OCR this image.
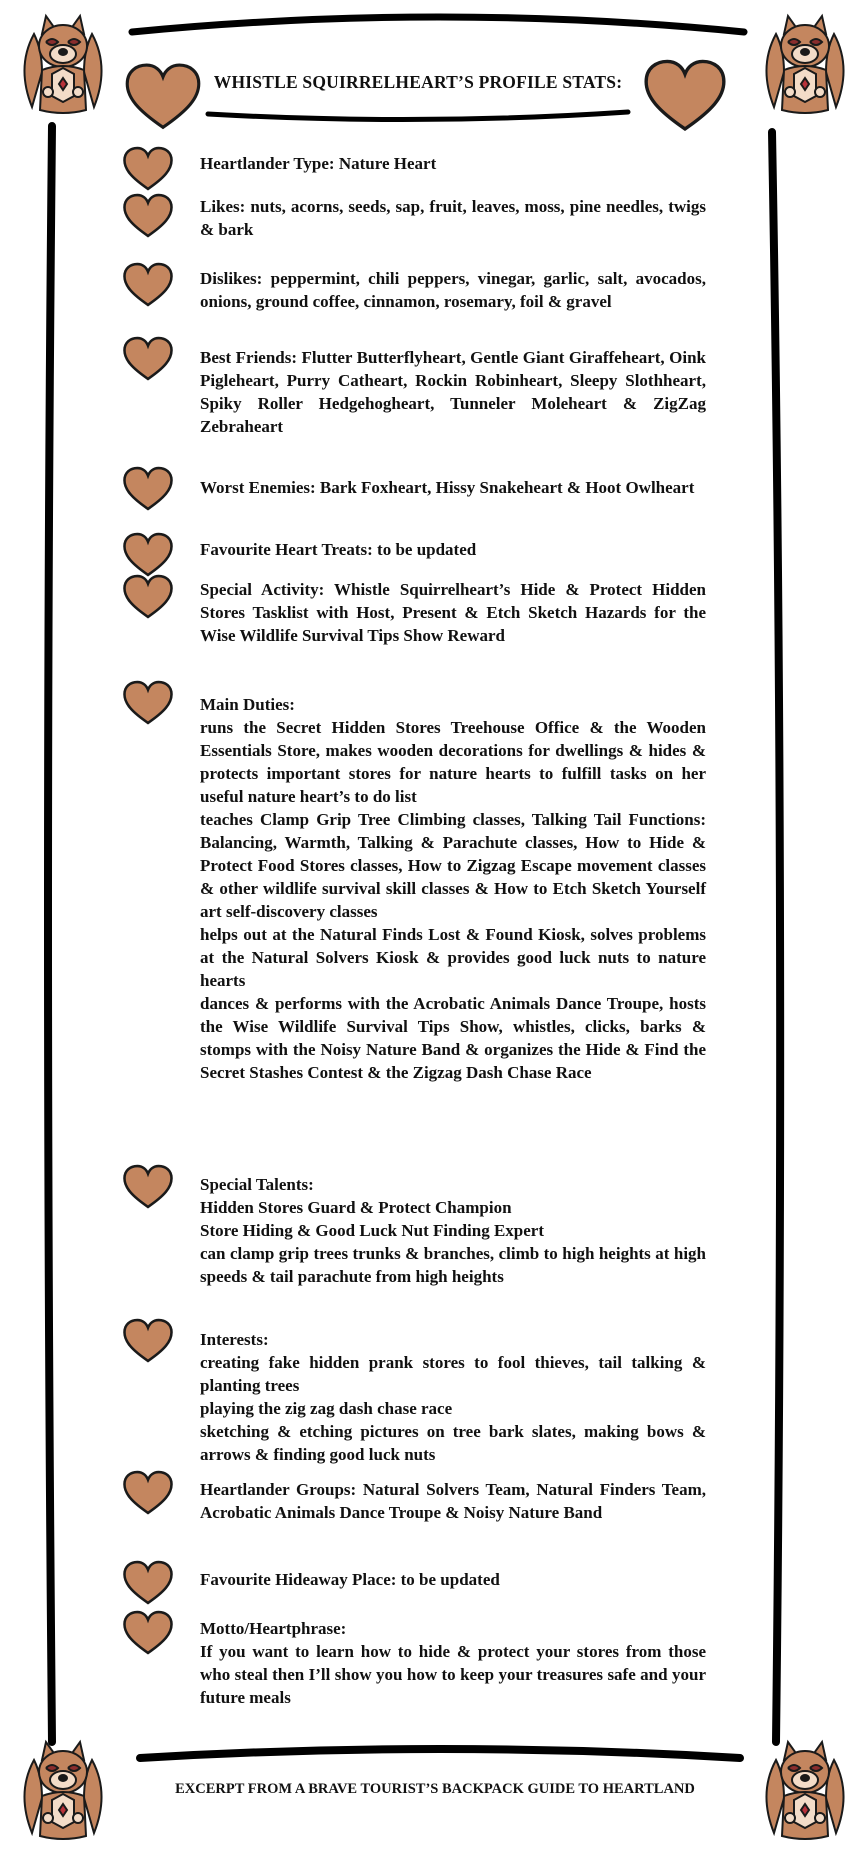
WHISTLE SQUIRRELHEART’S PROFILE STATS:
Heartlander Type: Nature Heart
Likes: nuts, acorns, seeds, sap, fruit, leaves, moss, pine needles, twigs & bark
Dislikes: peppermint, chili peppers, vinegar, garlic, salt, avocados, onions, ground coffee, cinnamon, rosemary, foil & gravel
Best Friends: Flutter Butterflyheart, Gentle Giant Giraffeheart, Oink Pigleheart, Purry Catheart, Rockin Robinheart, Sleepy Slothheart, Spiky Roller Hedgehogheart, Tunneler Moleheart & ZigZag Zebraheart
Worst Enemies: Bark Foxheart, Hissy Snakeheart & Hoot Owlheart
Favourite Heart Treats: to be updated
Special Activity: Whistle Squirrelheart’s Hide & Protect Hidden Stores Tasklist with Host, Present & Etch Sketch Hazards for the Wise Wildlife Survival Tips Show Reward
Main Duties:
runs the Secret Hidden Stores Treehouse Office & the Wooden Essentials Store, makes wooden decorations for dwellings & hides & protects important stores for nature hearts to fulfill tasks on her useful nature heart’s to do list
teaches Clamp Grip Tree Climbing classes, Talking Tail Functions: Balancing, Warmth, Talking & Parachute classes, How to Hide & Protect Food Stores classes, How to Zigzag Escape movement classes & other wildlife survival skill classes & How to Etch Sketch Yourself art self-discovery classes
helps out at the Natural Finds Lost & Found Kiosk, solves problems at the Natural Solvers Kiosk & provides good luck nuts to nature hearts
dances & performs with the Acrobatic Animals Dance Troupe, hosts the Wise Wildlife Survival Tips Show, whistles, clicks, barks & stomps with the Noisy Nature Band & organizes the Hide & Find the Secret Stashes Contest & the Zigzag Dash Chase Race
Special Talents:
Hidden Stores Guard & Protect Champion
Store Hiding & Good Luck Nut Finding Expert
can clamp grip trees trunks & branches, climb to high heights at high speeds & tail parachute from high heights
Interests:
creating fake hidden prank stores to fool thieves, tail talking & planting trees
playing the zig zag dash chase race
sketching & etching pictures on tree bark slates, making bows & arrows & finding good luck nuts
Heartlander Groups: Natural Solvers Team, Natural Finders Team, Acrobatic Animals Dance Troupe & Noisy Nature Band
Favourite Hideaway Place: to be updated
Motto/Heartphrase:
If you want to learn how to hide & protect your stores from those who steal then I’ll show you how to keep your treasures safe and your future meals
EXCERPT FROM A BRAVE TOURIST’S BACKPACK GUIDE TO HEARTLAND
